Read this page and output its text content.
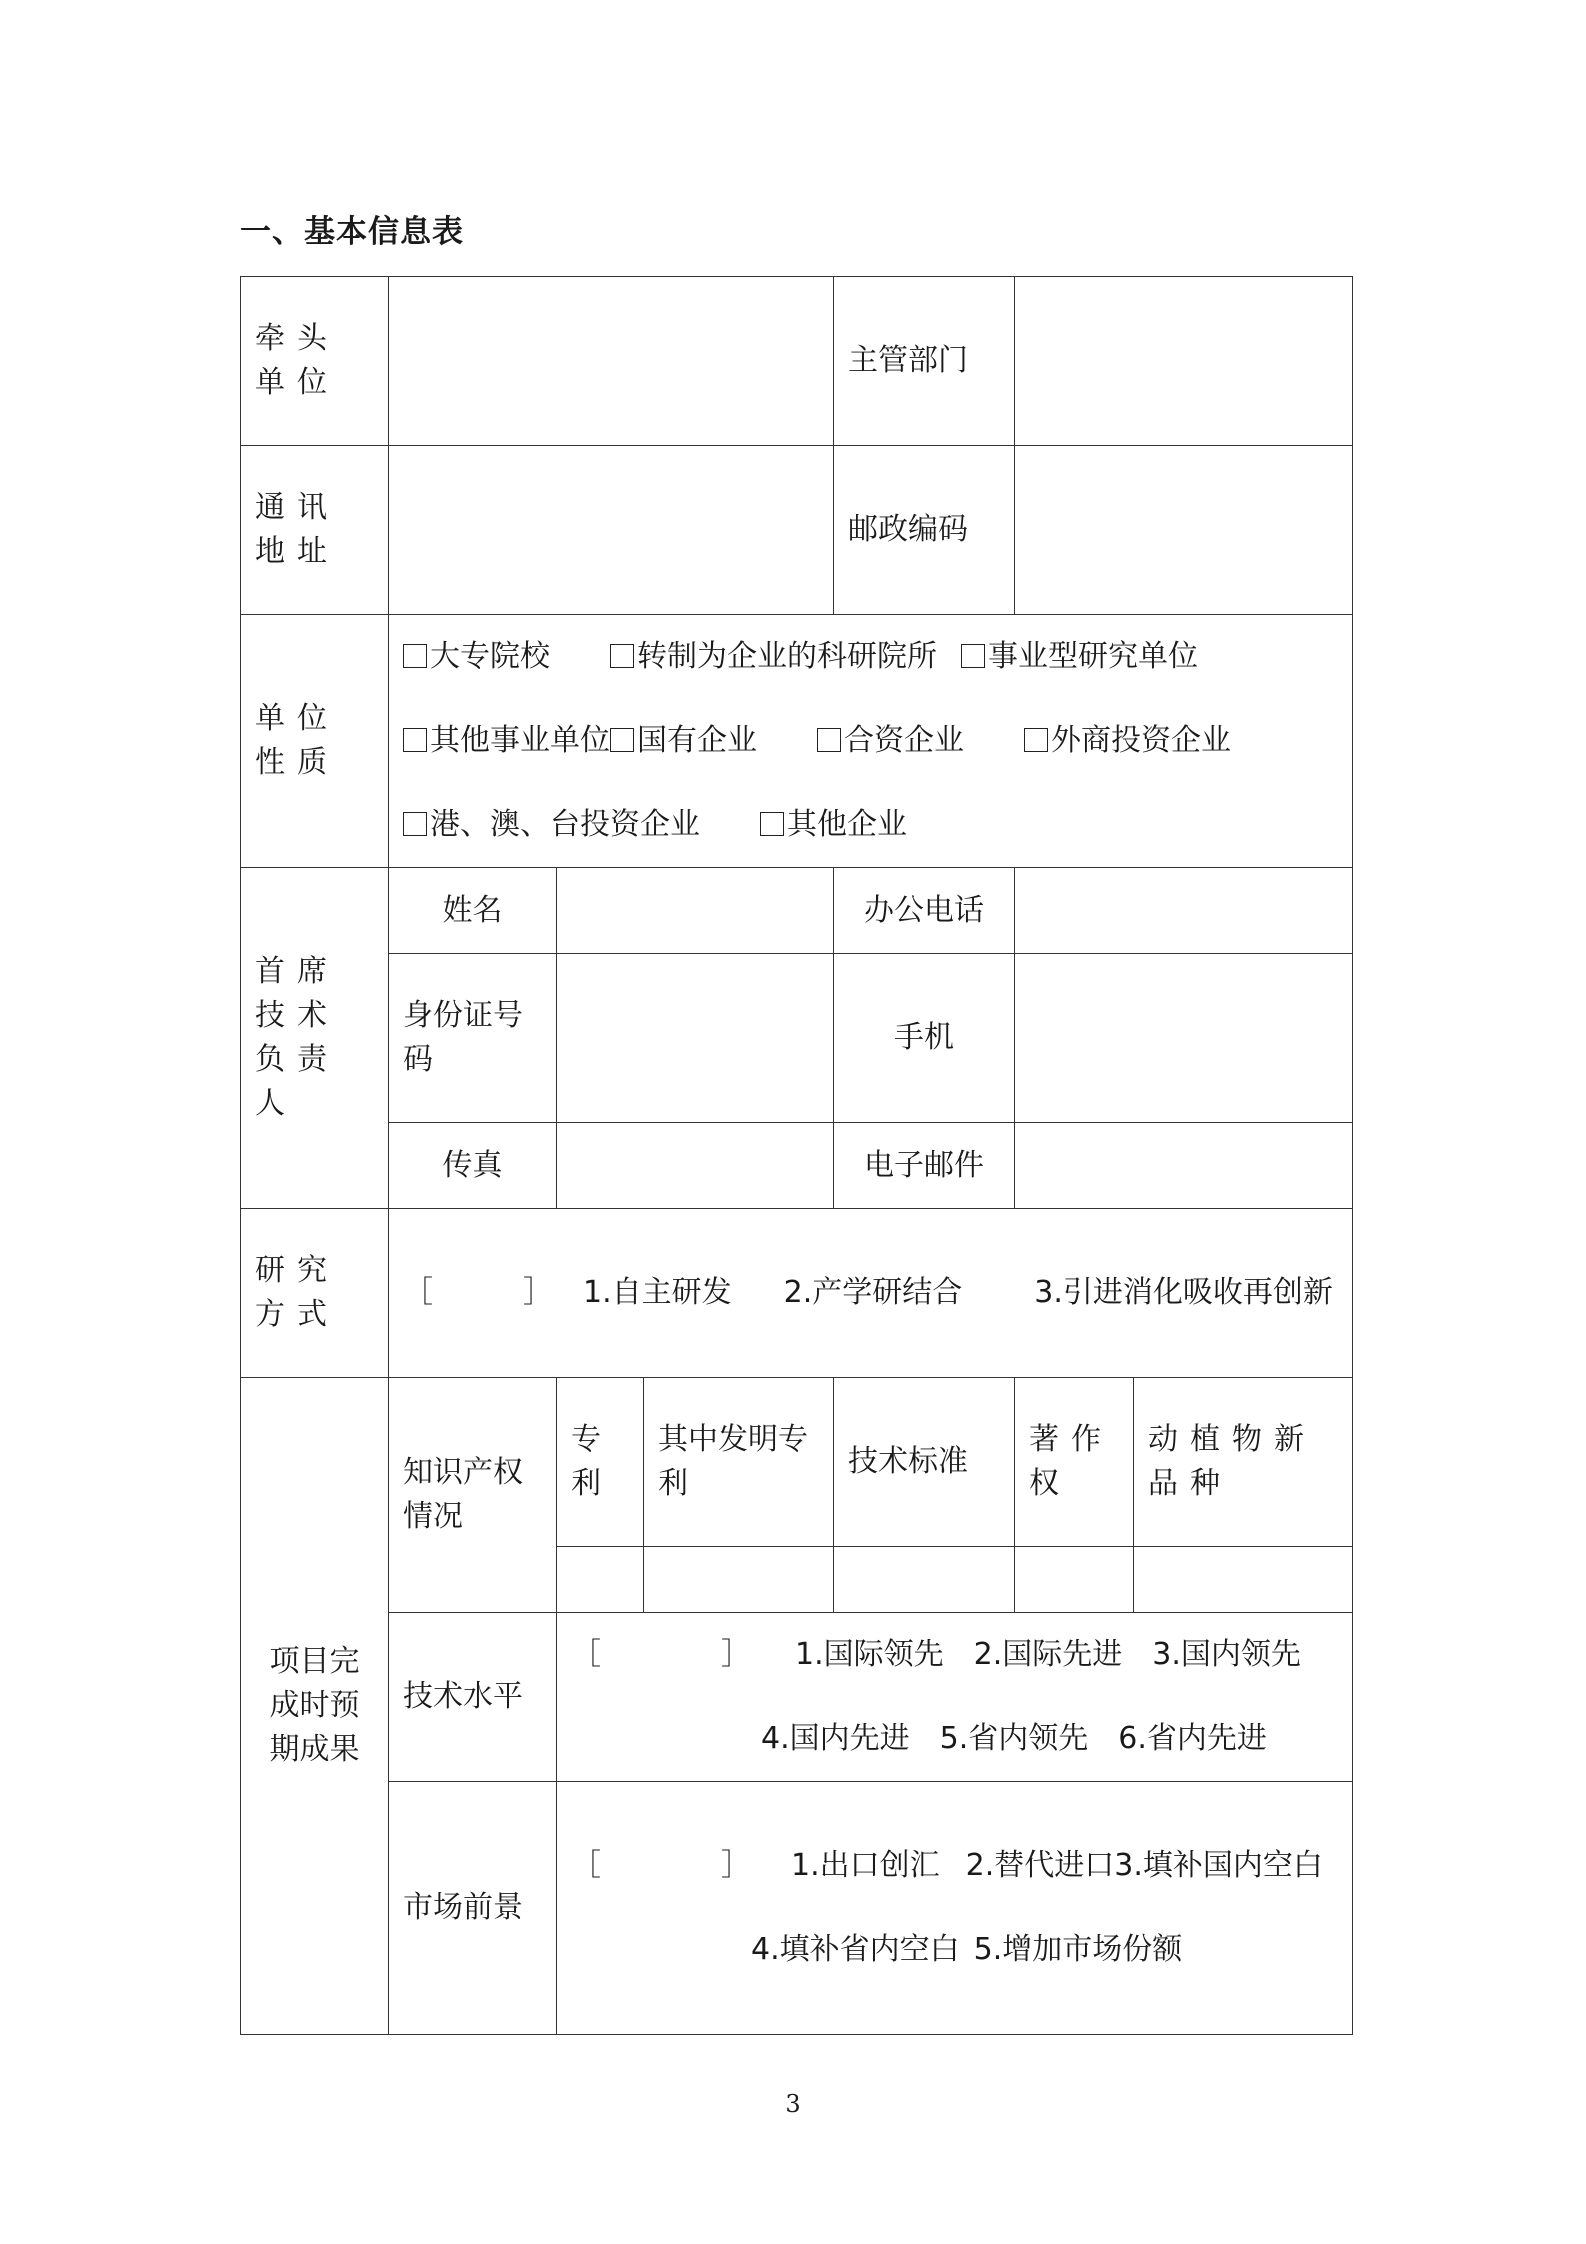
一、基本信息表
牵头单位				主管部门		
通讯地址				邮政编码		
单位性质	大专院校 转制为企业的科研院所 事业型研究单位
其他事业单位 国有企业 合资企业 外商投资企业
港、澳、台投资企业 其他企业					

首席技术负责人	姓名			办公电话		
	身份证号码			手机		
	传真			电子邮件		
研究方式	［　　　］ 1.自主研发 2.产学研结合 3.引进消化吸收再创新					
项目完成时预期成果	知识产权情况	专利	其中发明专利	技术标准	著作权	动植物新品种

	技术水平	［　　　　］ 1.国际领先 2.国际先进 3.国内领先
4.国内先进 5.省内领先 6.省内先进				

	市场前景	［　　　　］ 1.出口创汇 2.替代进口3.填补国内空白
4.填补省内空白 5.增加市场份额				
3
